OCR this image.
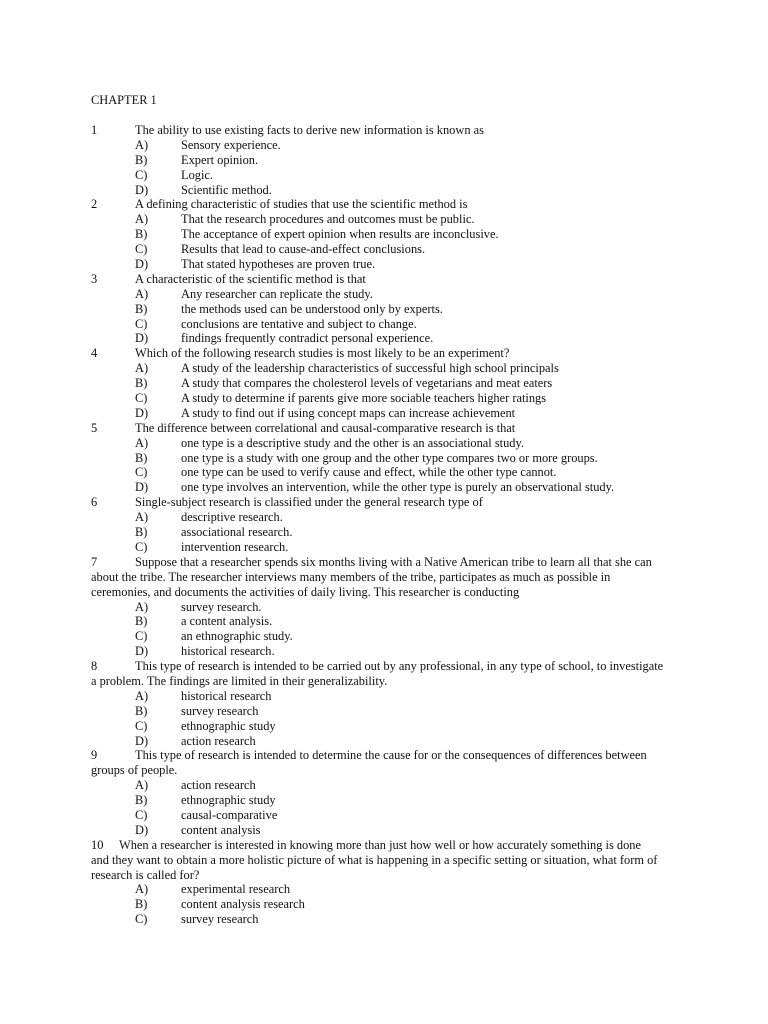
CHAPTER 1
1	The ability to use existing facts to derive new information is known as
A)	Sensory experience.
B)	Expert opinion.
C)	Logic.
D)	Scientific method.
2	A defining characteristic of studies that use the scientific method is
A)	That the research procedures and outcomes must be public.
B)	The acceptance of expert opinion when results are inconclusive.
C)	Results that lead to cause-and-effect conclusions.
D)	That stated hypotheses are proven true.
3	A characteristic of the scientific method is that
A)	Any researcher can replicate the study.
B)	the methods used can be understood only by experts.
C)	conclusions are tentative and subject to change.
D)	findings frequently contradict personal experience.
4	Which of the following research studies is most likely to be an experiment?
A)	A study of the leadership characteristics of successful high school principals
B)	A study that compares the cholesterol levels of vegetarians and meat eaters
C)	A study to determine if parents give more sociable teachers higher ratings
D)	A study to find out if using concept maps can increase achievement
5	The difference between correlational and causal-comparative research is that
A)	one type is a descriptive study and the other is an associational study.
B)	one type is a study with one group and the other type compares two or more groups.
C)	one type can be used to verify cause and effect, while the other type cannot.
D)	one type involves an intervention, while the other type is purely an observational study.
6	Single-subject research is classified under the general research type of
A)	descriptive research.
B)	associational research.
C)	intervention research.
7	Suppose that a researcher spends six months living with a Native American tribe to learn all that she can
about the tribe. The researcher interviews many members of the tribe, participates as much as possible in
ceremonies, and documents the activities of daily living. This researcher is conducting
A)	survey research.
B)	a content analysis.
C)	an ethnographic study.
D)	historical research.
8	This type of research is intended to be carried out by any professional, in any type of school, to investigate
a problem. The findings are limited in their generalizability.
A)	historical research
B)	survey research
C)	ethnographic study
D)	action research
9	This type of research is intended to determine the cause for or the consequences of differences between
groups of people.
A)	action research
B)	ethnographic study
C)	causal-comparative
D)	content analysis
10 When a researcher is interested in knowing more than just how well or how accurately something is done
and they want to obtain a more holistic picture of what is happening in a specific setting or situation, what form of
research is called for?
A)	experimental research
B)	content analysis research
C)	survey research
